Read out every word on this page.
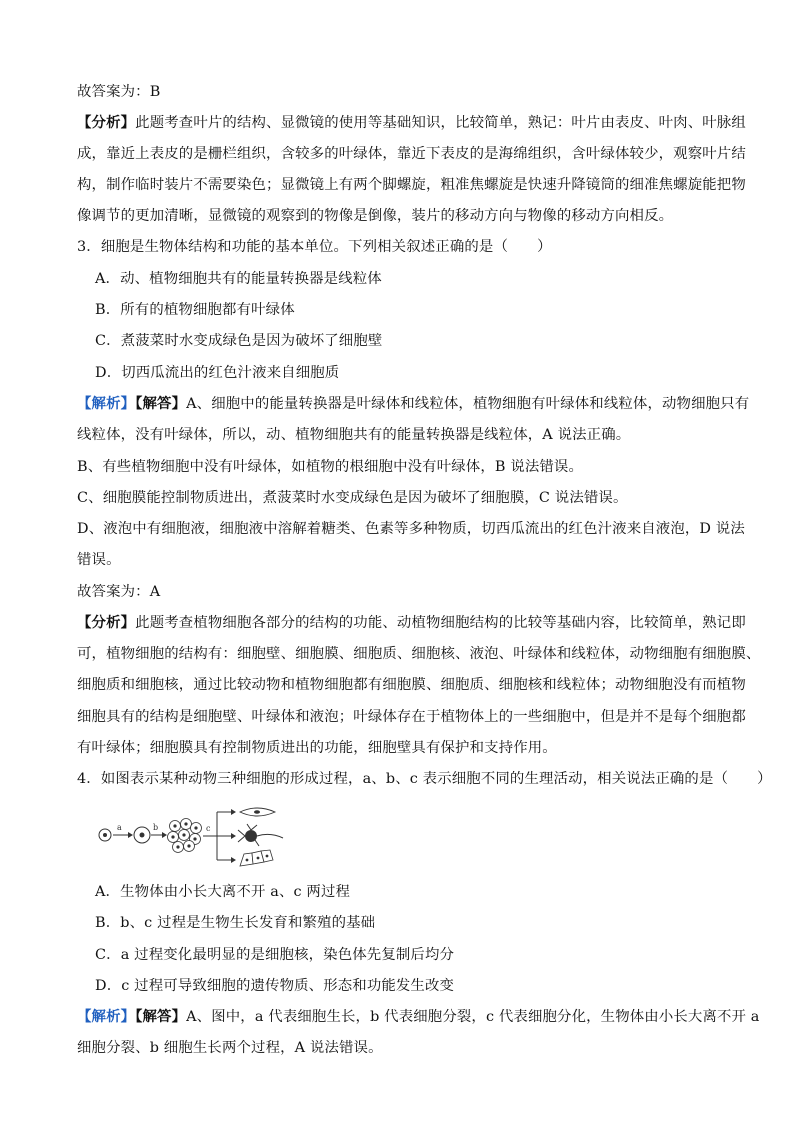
故答案为：B
【分析】此题考查叶片的结构、显微镜的使用等基础知识，比较简单，熟记：叶片由表皮、叶肉、叶脉组
成，靠近上表皮的是栅栏组织，含较多的叶绿体，靠近下表皮的是海绵组织，含叶绿体较少，观察叶片结
构，制作临时装片不需要染色；显微镜上有两个脚螺旋，粗准焦螺旋是快速升降镜筒的细准焦螺旋能把物
像调节的更加清晰，显微镜的观察到的物像是倒像，装片的移动方向与物像的移动方向相反。
3．细胞是生物体结构和功能的基本单位。下列相关叙述正确的是（　　）
A．动、植物细胞共有的能量转换器是线粒体
B．所有的植物细胞都有叶绿体
C．煮菠菜时水变成绿色是因为破坏了细胞壁
D．切西瓜流出的红色汁液来自细胞质
【解析】【解答】A、细胞中的能量转换器是叶绿体和线粒体，植物细胞有叶绿体和线粒体，动物细胞只有
线粒体，没有叶绿体，所以，动、植物细胞共有的能量转换器是线粒体，A 说法正确。
B、有些植物细胞中没有叶绿体，如植物的根细胞中没有叶绿体，B 说法错误。
C、细胞膜能控制物质进出，煮菠菜时水变成绿色是因为破坏了细胞膜，C 说法错误。
D、液泡中有细胞液，细胞液中溶解着糖类、色素等多种物质，切西瓜流出的红色汁液来自液泡，D 说法
错误。
故答案为：A
【分析】此题考查植物细胞各部分的结构的功能、动植物细胞结构的比较等基础内容，比较简单，熟记即
可，植物细胞的结构有：细胞壁、细胞膜、细胞质、细胞核、液泡、叶绿体和线粒体，动物细胞有细胞膜、
细胞质和细胞核，通过比较动物和植物细胞都有细胞膜、细胞质、细胞核和线粒体；动物细胞没有而植物
细胞具有的结构是细胞壁、叶绿体和液泡；叶绿体存在于植物体上的一些细胞中，但是并不是每个细胞都
有叶绿体；细胞膜具有控制物质进出的功能，细胞壁具有保护和支持作用。
4．如图表示某种动物三种细胞的形成过程，a、b、c 表示细胞不同的生理活动，相关说法正确的是（　　）
a	b	c
A．生物体由小长大离不开 a、c 两过程
B．b、c 过程是生物生长发育和繁殖的基础
C．a 过程变化最明显的是细胞核，染色体先复制后均分
D．c 过程可导致细胞的遗传物质、形态和功能发生改变
【解析】【解答】A、图中，a 代表细胞生长，b 代表细胞分裂，c 代表细胞分化，生物体由小长大离不开 a
细胞分裂、b 细胞生长两个过程，A 说法错误。
